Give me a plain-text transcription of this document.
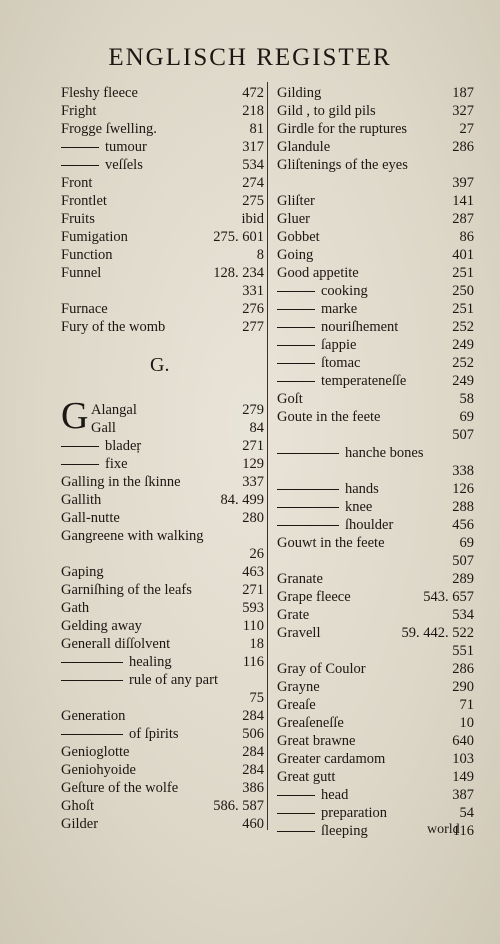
ENGLISCH REGISTER
Fleshy fleece	472
Fright	218
Frogge ſwelling.	81
tumour	317
veſſels	534
Front	274
Frontlet	275
Fruits	ibid
Fumigation	275. 601
Function	8
Funnel	128. 234
331
Furnace	276
Fury of the womb	277
G.
G Alangal	279
Gall	84
bladeŗ	271
fixe	129
Galling in the ſkinne	337
Gallith	84. 499
Gall-nutte	280
Gangreene with walking
26
Gaping	463
Garniſhing of the leafs	271
Gath	593
Gelding away	110
Generall diſſolvent	18
healing	116
rule of any part
75
Generation	284
of ſpirits	506
Genioglotte	284
Geniohyoide	284
Geſture of the wolfe	386
Ghoſt	586. 587
Gilder	460
Gilding	187
Gild , to gild pils	327
Girdle for the ruptures	27
Glandule	286
Gliſtenings of the eyes
397
Gliſter	141
Gluer	287
Gobbet	86
Going	401
Good appetite	251
cooking	250
marke	251
nouriſhement	252
ſappie	249
ſtomac	252
temperateneſſe	249
Goſt	58
Goute in the feete	69
507
hanche bones
338
hands	126
knee	288
ſhoulder	456
Gouwt in the feete	69
507
Granate	289
Grape fleece	543. 657
Grate	534
Gravell	59. 442. 522
551
Gray of Coulor	286
Grayne	290
Greaſe	71
Greaſeneſſe	10
Great brawne	640
Greater cardamom	103
Great gutt	149
head	387
preparation	54
ſleeping	116
world
